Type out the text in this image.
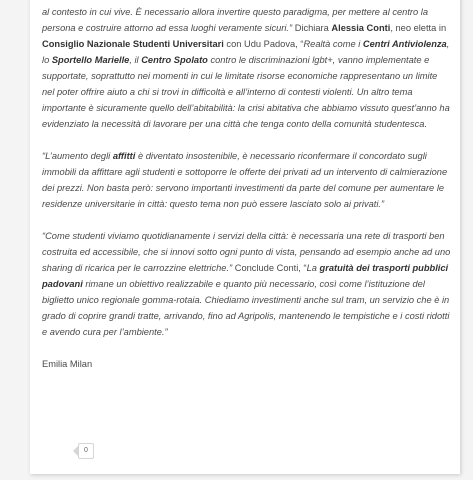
al contesto in cui vive. È necessario allora invertire questo paradigma, per mettere al centro la persona e costruire attorno ad essa luoghi veramente sicuri.” Dichiara Alessia Conti, neo eletta in Consiglio Nazionale Studenti Universitari con Udu Padova, “Realtà come i Centri Antiviolenza, lo Sportello Marielle, il Centro Spolato contro le discriminazioni lgbt+, vanno implementate e supportate, soprattutto nei momenti in cui le limitate risorse economiche rappresentano un limite nel poter offrire aiuto a chi si trovi in difficoltà e all’interno di contesti violenti. Un altro tema importante è sicuramente quello dell’abitabilità: la crisi abitativa che abbiamo vissuto quest’anno ha evidenziato la necessità di lavorare per una città che tenga conto della comunità studentesca.

“L’aumento degli affitti è diventato insostenibile, è necessario riconfermare il concordato sugli immobili da affittare agli studenti e sottoporre le offerte dei privati ad un intervento di calmierazione dei prezzi. Non basta però: servono importanti investimenti da parte del comune per aumentare le residenze universitarie in città: questo tema non può essere lasciato solo ai privati.”

“Come studenti viviamo quotidianamente i servizi della città: è necessaria una rete di trasporti ben costruita ed accessibile, che si innovi sotto ogni punto di vista, pensando ad esempio anche ad uno sharing di ricarica per le carrozzine elettriche.” Conclude Conti, “La gratuità dei trasporti pubblici padovani rimane un obiettivo realizzabile e quanto più necessario, così come l’istituzione del biglietto unico regionale gomma-rotaia. Chiediamo investimenti anche sul tram, un servizio che è in grado di coprire grandi tratte, arrivando, fino ad Agripolis, mantenendo le tempistiche e i costi ridotti e avendo cura per l’ambiente.”

Emilia Milan
0
